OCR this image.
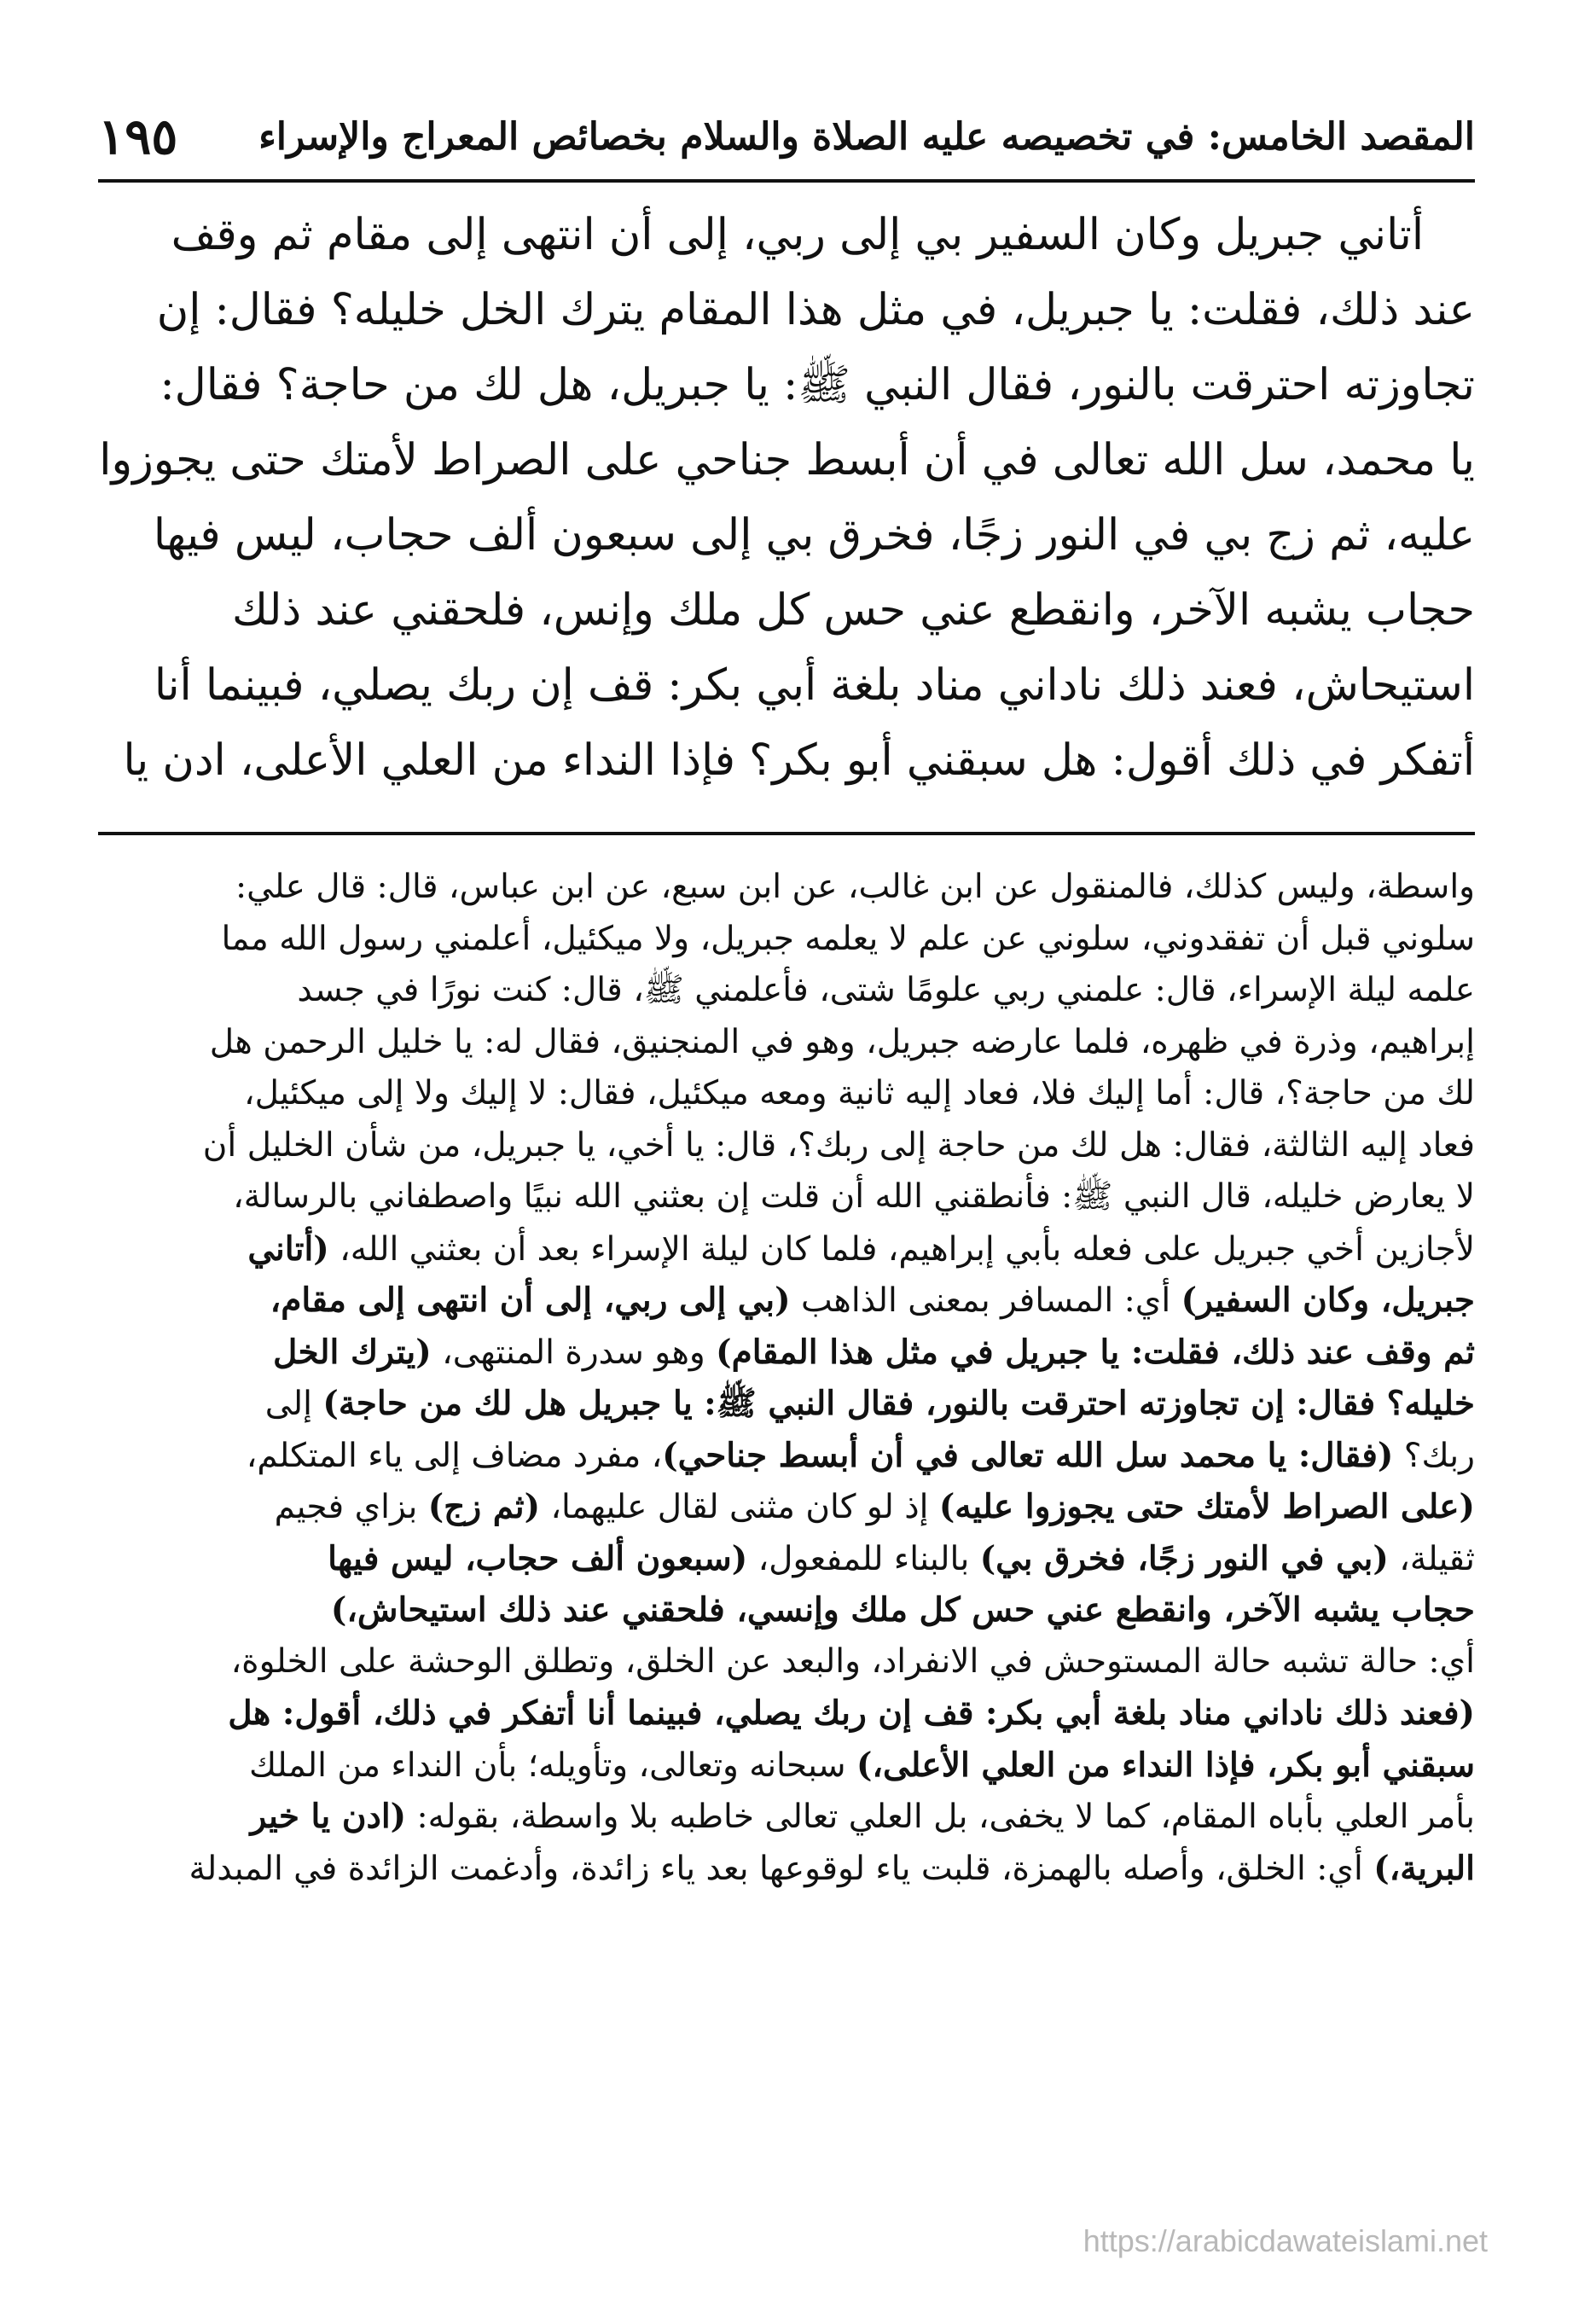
المقصد الخامس: في تخصيصه عليه الصلاة والسلام بخصائص المعراج والإسراء
١٩٥
أتاني جبريل وكان السفير بي إلى ربي، إلى أن انتهى إلى مقام ثم وقف
عند ذلك، فقلت: يا جبريل، في مثل هذا المقام يترك الخل خليله؟ فقال: إن
تجاوزته احترقت بالنور، فقال النبي ﷺ: يا جبريل، هل لك من حاجة؟ فقال:
يا محمد، سل الله تعالى في أن أبسط جناحي على الصراط لأمتك حتى يجوزوا
عليه، ثم زج بي في النور زجًا، فخرق بي إلى سبعون ألف حجاب، ليس فيها
حجاب يشبه الآخر، وانقطع عني حس كل ملك وإنس، فلحقني عند ذلك
استيحاش، فعند ذلك ناداني مناد بلغة أبي بكر: قف إن ربك يصلي، فبينما أنا
أتفكر في ذلك أقول: هل سبقني أبو بكر؟ فإذا النداء من العلي الأعلى، ادن يا
واسطة، وليس كذلك، فالمنقول عن ابن غالب، عن ابن سبع، عن ابن عباس، قال: قال علي:
سلوني قبل أن تفقدوني، سلوني عن علم لا يعلمه جبريل، ولا ميكئيل، أعلمني رسول الله مما
علمه ليلة الإسراء، قال: علمني ربي علومًا شتى، فأعلمني ﷺ، قال: كنت نورًا في جسد
إبراهيم، وذرة في ظهره، فلما عارضه جبريل، وهو في المنجنيق، فقال له: يا خليل الرحمن هل
لك من حاجة؟، قال: أما إليك فلا، فعاد إليه ثانية ومعه ميكئيل، فقال: لا إليك ولا إلى ميكئيل،
فعاد إليه الثالثة، فقال: هل لك من حاجة إلى ربك؟، قال: يا أخي، يا جبريل، من شأن الخليل أن
لا يعارض خليله، قال النبي ﷺ: فأنطقني الله أن قلت إن بعثني الله نبيًا واصطفاني بالرسالة،
لأجازين أخي جبريل على فعله بأبي إبراهيم، فلما كان ليلة الإسراء بعد أن بعثني الله، (أتاني
جبريل، وكان السفير) أي: المسافر بمعنى الذاهب (بي إلى ربي، إلى أن انتهى إلى مقام،
ثم وقف عند ذلك، فقلت: يا جبريل في مثل هذا المقام) وهو سدرة المنتهى، (يترك الخل
خليله؟ فقال: إن تجاوزته احترقت بالنور، فقال النبي ﷺ: يا جبريل هل لك من حاجة) إلى
ربك؟ (فقال: يا محمد سل الله تعالى في أن أبسط جناحي)، مفرد مضاف إلى ياء المتكلم،
(على الصراط لأمتك حتى يجوزوا عليه) إذ لو كان مثنى لقال عليهما، (ثم زج) بزاي فجيم
ثقيلة، (بي في النور زجًا، فخرق بي) بالبناء للمفعول، (سبعون ألف حجاب، ليس فيها
حجاب يشبه الآخر، وانقطع عني حس كل ملك وإنسي، فلحقني عند ذلك استيحاش،)
أي: حالة تشبه حالة المستوحش في الانفراد، والبعد عن الخلق، وتطلق الوحشة على الخلوة،
(فعند ذلك ناداني مناد بلغة أبي بكر: قف إن ربك يصلي، فبينما أنا أتفكر في ذلك، أقول: هل
سبقني أبو بكر، فإذا النداء من العلي الأعلى،) سبحانه وتعالى، وتأويله؛ بأن النداء من الملك
بأمر العلي بأباه المقام، كما لا يخفى، بل العلي تعالى خاطبه بلا واسطة، بقوله: (ادن يا خير
البرية،) أي: الخلق، وأصله بالهمزة، قلبت ياء لوقوعها بعد ياء زائدة، وأدغمت الزائدة في المبدلة
https://arabicdawateislami.net
